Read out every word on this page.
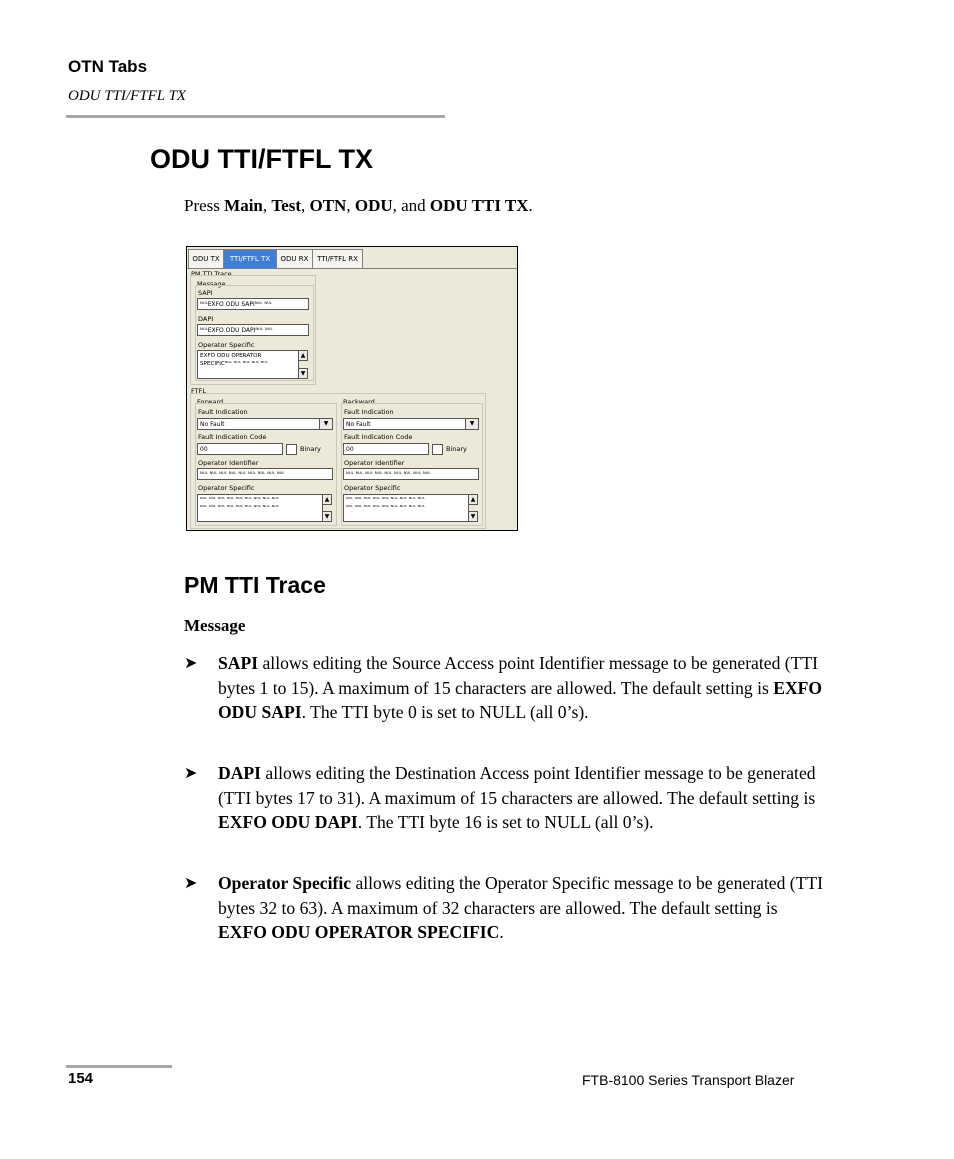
OTN Tabs
ODU TTI/FTFL TX
ODU TTI/FTFL TX
Press Main, Test, OTN, ODU, and ODU TTI TX.
ODU TX	TTI/FTFL TX	ODU RX	TTI/FTFL RX
PM TTI Trace
Message
SAPI
ᴺᵁᴸEXFO ODU SAPIᴺᵁᴸ ᴺᵁᴸ
DAPI
ᴺᵁᴸEXFO ODU DAPIᴺᵁᴸ ᴺᵁᴸ
Operator Specific
EXFO ODU OPERATOR
SPECIFICᴺᵁᴸ ᴺᵁᴸ ᴺᵁᴸ ᴺᵁᴸ ᴺᵁᴸ
▲
▼
FTFL
Forward
Fault Indication
No Fault	▼
Fault Indication Code
00	Binary
Operator Identifier
ᴺᵁᴸ ᴺᵁᴸ ᴺᵁᴸ ᴺᵁᴸ ᴺᵁᴸ ᴺᵁᴸ ᴺᵁᴸ ᴺᵁᴸ ᴺᵁᴸ
Operator Specific
ᴺᵁᴸ ᴺᵁᴸ ᴺᵁᴸ ᴺᵁᴸ ᴺᵁᴸ ᴺᵁᴸ ᴺᵁᴸ ᴺᵁᴸ ᴺᵁᴸ
ᴺᵁᴸ ᴺᵁᴸ ᴺᵁᴸ ᴺᵁᴸ ᴺᵁᴸ ᴺᵁᴸ ᴺᵁᴸ ᴺᵁᴸ ᴺᵁᴸ
▲
▼
Backward
Fault Indication
No Fault	▼
Fault Indication Code
00	Binary
Operator Identifier
ᴺᵁᴸ ᴺᵁᴸ ᴺᵁᴸ ᴺᵁᴸ ᴺᵁᴸ ᴺᵁᴸ ᴺᵁᴸ ᴺᵁᴸ ᴺᵁᴸ
Operator Specific
ᴺᵁᴸ ᴺᵁᴸ ᴺᵁᴸ ᴺᵁᴸ ᴺᵁᴸ ᴺᵁᴸ ᴺᵁᴸ ᴺᵁᴸ ᴺᵁᴸ
ᴺᵁᴸ ᴺᵁᴸ ᴺᵁᴸ ᴺᵁᴸ ᴺᵁᴸ ᴺᵁᴸ ᴺᵁᴸ ᴺᵁᴸ ᴺᵁᴸ
▲
▼
PM TTI Trace
Message
➤ SAPI allows editing the Source Access point Identifier message to be generated (TTI bytes 1 to 15). A maximum of 15 characters are allowed. The default setting is EXFO ODU SAPI. The TTI byte 0 is set to NULL (all 0’s).
➤ DAPI allows editing the Destination Access point Identifier message to be generated (TTI bytes 17 to 31). A maximum of 15 characters are allowed. The default setting is EXFO ODU DAPI. The TTI byte 16 is set to NULL (all 0’s).
➤ Operator Specific allows editing the Operator Specific message to be generated (TTI bytes 32 to 63). A maximum of 32 characters are allowed. The default setting is EXFO ODU OPERATOR SPECIFIC.
154	FTB-8100 Series Transport Blazer
